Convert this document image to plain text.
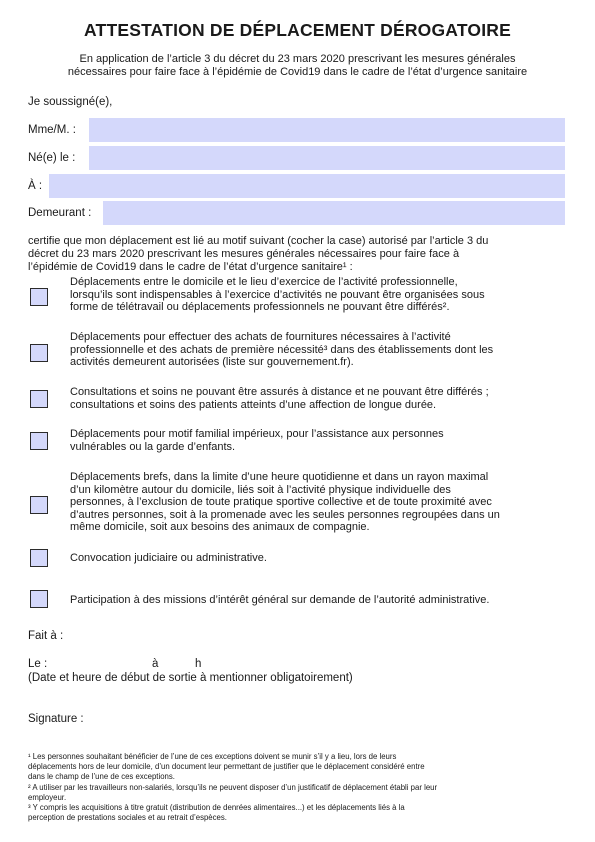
ATTESTATION DE DÉPLACEMENT DÉROGATOIRE
En application de l’article 3 du décret du 23 mars 2020 prescrivant les mesures générales
nécessaires pour faire face à l’épidémie de Covid19 dans le cadre de l’état d’urgence sanitaire
Je soussigné(e),
Mme/M. :
Né(e) le :
À :
Demeurant :
certifie que mon déplacement est lié au motif suivant (cocher la case) autorisé par l’article 3 du
décret du 23 mars 2020 prescrivant les mesures générales nécessaires pour faire face à
l’épidémie de Covid19 dans le cadre de l’état d’urgence sanitaire¹ :
Déplacements entre le domicile et le lieu d’exercice de l’activité professionnelle,
lorsqu’ils sont indispensables à l’exercice d’activités ne pouvant être organisées sous
forme de télétravail ou déplacements professionnels ne pouvant être différés².
Déplacements pour effectuer des achats de fournitures nécessaires à l’activité
professionnelle et des achats de première nécessité³ dans des établissements dont les
activités demeurent autorisées (liste sur gouvernement.fr).
Consultations et soins ne pouvant être assurés à distance et ne pouvant être différés ;
consultations et soins des patients atteints d’une affection de longue durée.
Déplacements pour motif familial impérieux, pour l’assistance aux personnes
vulnérables ou la garde d’enfants.
Déplacements brefs, dans la limite d’une heure quotidienne et dans un rayon maximal
d’un kilomètre autour du domicile, liés soit à l’activité physique individuelle des
personnes, à l’exclusion de toute pratique sportive collective et de toute proximité avec
d’autres personnes, soit à la promenade avec les seules personnes regroupées dans un
même domicile, soit aux besoins des animaux de compagnie.
Convocation judiciaire ou administrative.
Participation à des missions d’intérêt général sur demande de l’autorité administrative.
Fait à :
Le :	à	h
(Date et heure de début de sortie à mentionner obligatoirement)
Signature :
¹ Les personnes souhaitant bénéficier de l’une de ces exceptions doivent se munir s’il y a lieu, lors de leurs
déplacements hors de leur domicile, d’un document leur permettant de justifier que le déplacement considéré entre
dans le champ de l’une de ces exceptions.
² A utiliser par les travailleurs non-salariés, lorsqu’ils ne peuvent disposer d’un justificatif de déplacement établi par leur
employeur.
³ Y compris les acquisitions à titre gratuit (distribution de denrées alimentaires...) et les déplacements liés à la
perception de prestations sociales et au retrait d’espèces.
